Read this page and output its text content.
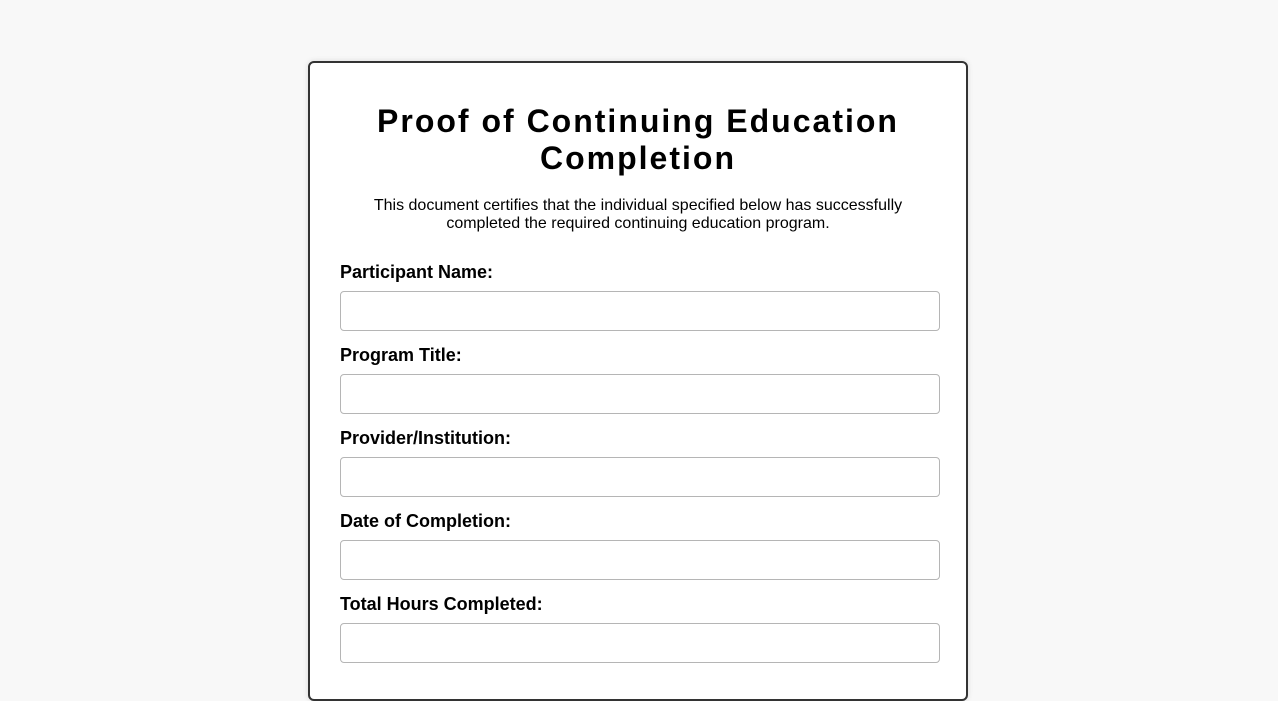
Proof of Continuing Education Completion

This document certifies that the individual specified below has successfully completed the required continuing education program.

Participant Name:
Program Title:
Provider/Institution:
Date of Completion:
Total Hours Completed:
